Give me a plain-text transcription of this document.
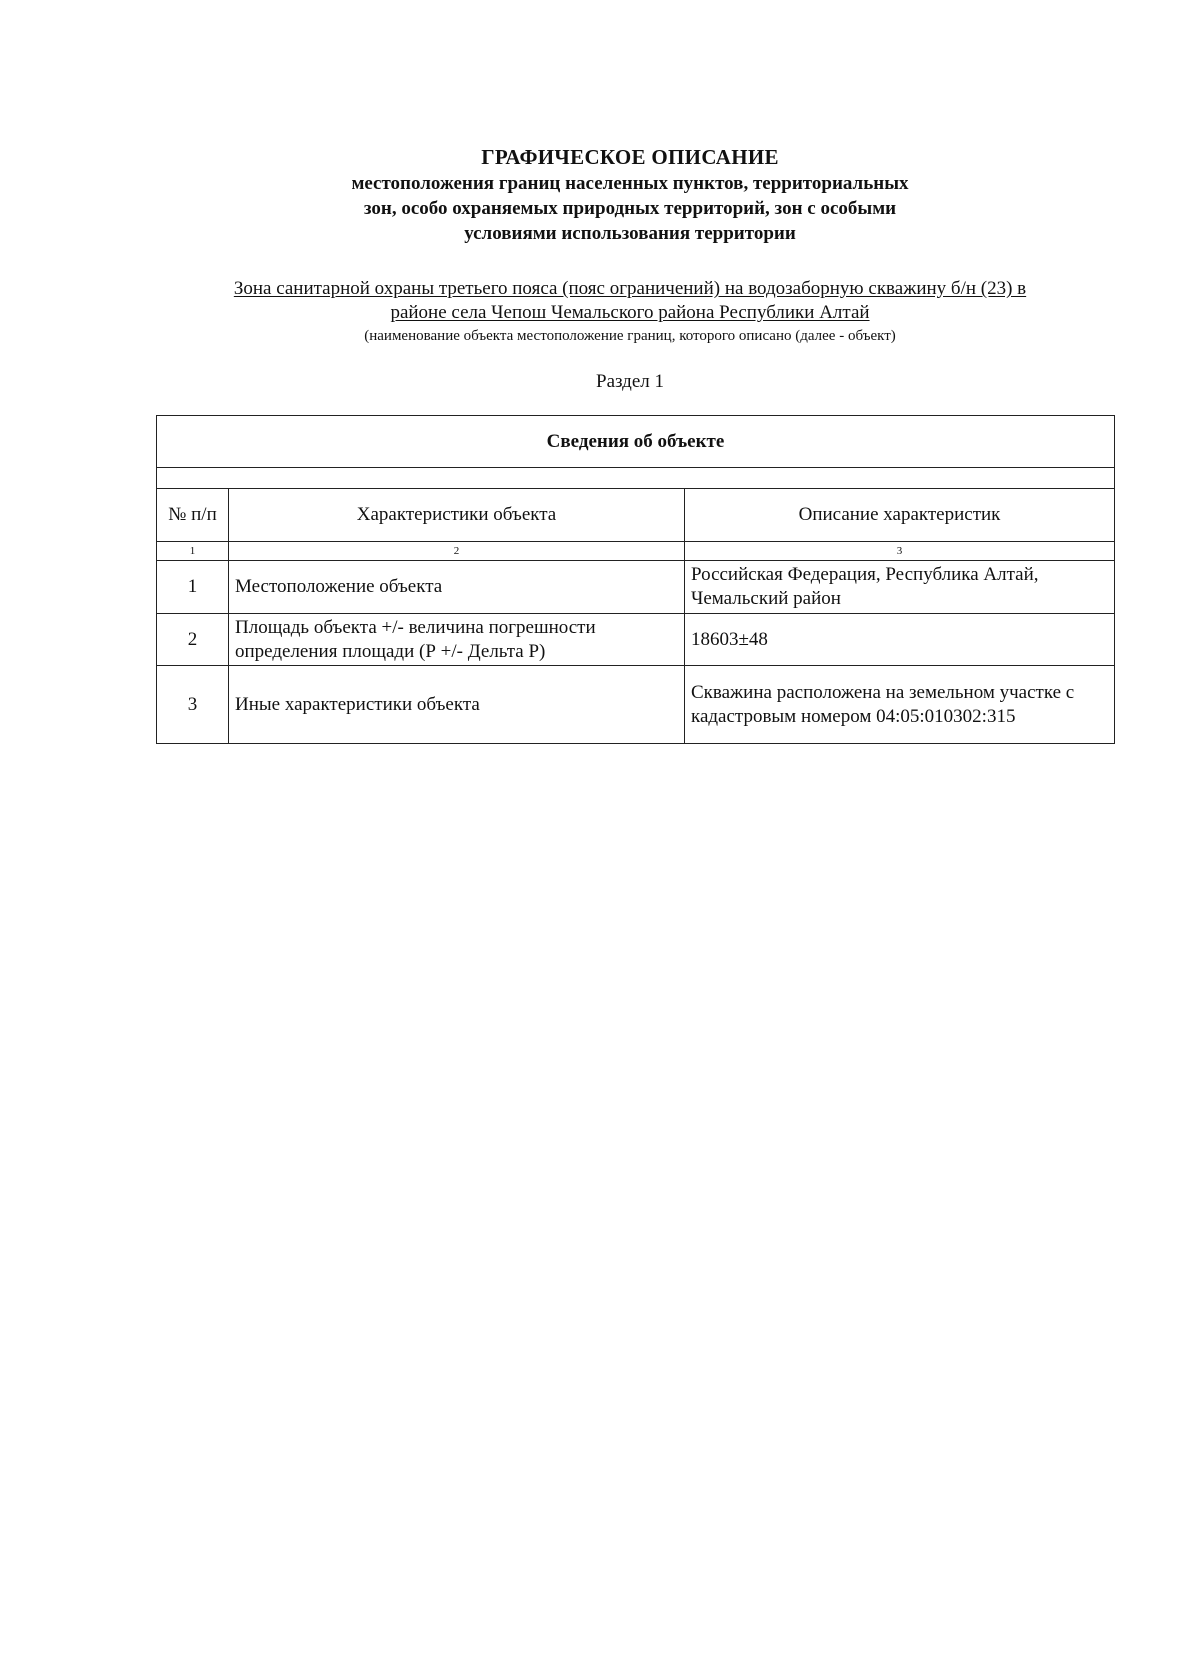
ГРАФИЧЕСКОЕ ОПИСАНИЕ
местоположения границ населенных пунктов, территориальных
зон, особо охраняемых природных территорий, зон с особыми
условиями использования территории
Зона санитарной охраны третьего пояса (пояс ограничений) на водозаборную скважину б/н (23) в
районе села Чепош Чемальского района Республики Алтай
(наименование объекта местоположение границ, которого описано (далее - объект)
Раздел 1
Сведения об объекте		

№ п/п	Характеристики объекта	Описание характеристик
1	2	3
1	Местоположение объекта	Российская Федерация, Республика Алтай, Чемальский район
2	Площадь объекта +/- величина погрешности определения площади (Р +/- Дельта Р)	18603±48
3	Иные характеристики объекта	Скважина расположена на земельном участке с кадастровым номером 04:05:010302:315
